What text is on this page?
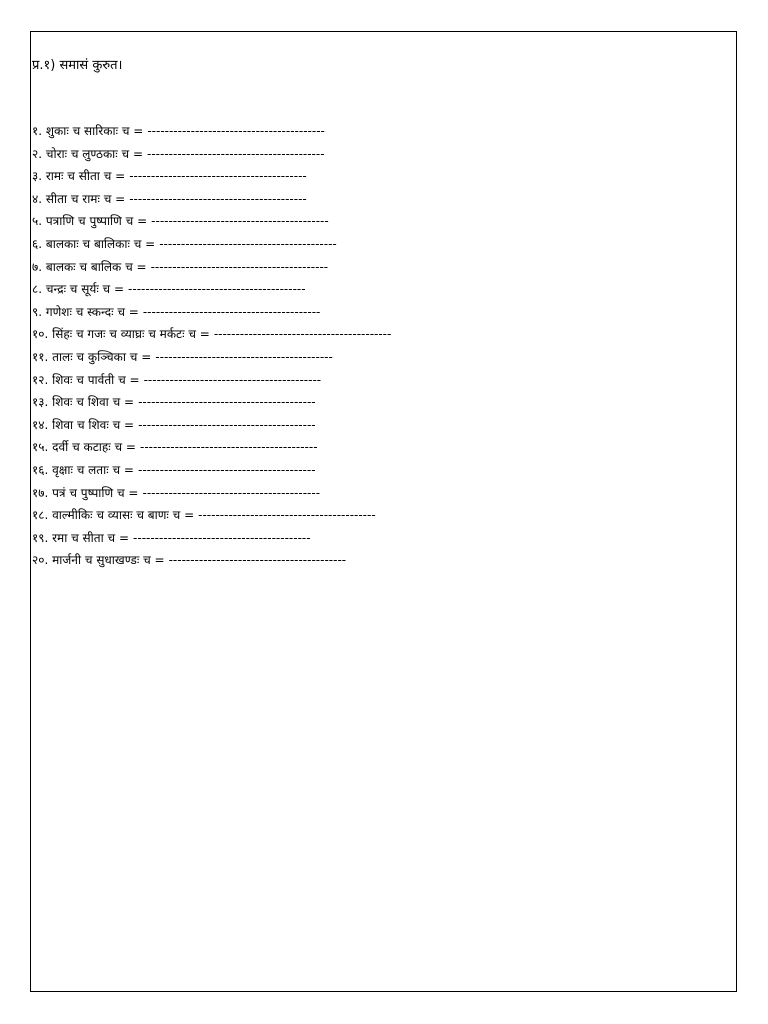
प्र.१) समासं कुरुत।
१. शुकाः च सारिकाः च = -----------------------------------------
२. चोराः च लुण्ठकाः च = -----------------------------------------
३. रामः च सीता च = -----------------------------------------
४. सीता च रामः च = -----------------------------------------
५. पत्राणि च पुष्पाणि च = -----------------------------------------
६. बालकाः च बालिकाः च = -----------------------------------------
७. बालकः च बालिक च = -----------------------------------------
८. चन्द्रः च सूर्यः च = -----------------------------------------
९. गणेशः च स्कन्दः च = -----------------------------------------
१०. सिंहः च गजः च व्याघ्रः च मर्कटः च = -----------------------------------------
११. तालः च कुञ्चिका च = -----------------------------------------
१२. शिवः च पार्वती च = -----------------------------------------
१३. शिवः च शिवा च = -----------------------------------------
१४. शिवा च शिवः च = -----------------------------------------
१५. दर्वी च कटाहः च = -----------------------------------------
१६. वृक्षाः च लताः च = -----------------------------------------
१७. पत्रं च पुष्पाणि च = -----------------------------------------
१८. वाल्मीकिः च व्यासः च बाणः च = -----------------------------------------
१९. रमा च सीता च = -----------------------------------------
२०. मार्जनी च सुधाखण्डः च = -----------------------------------------
